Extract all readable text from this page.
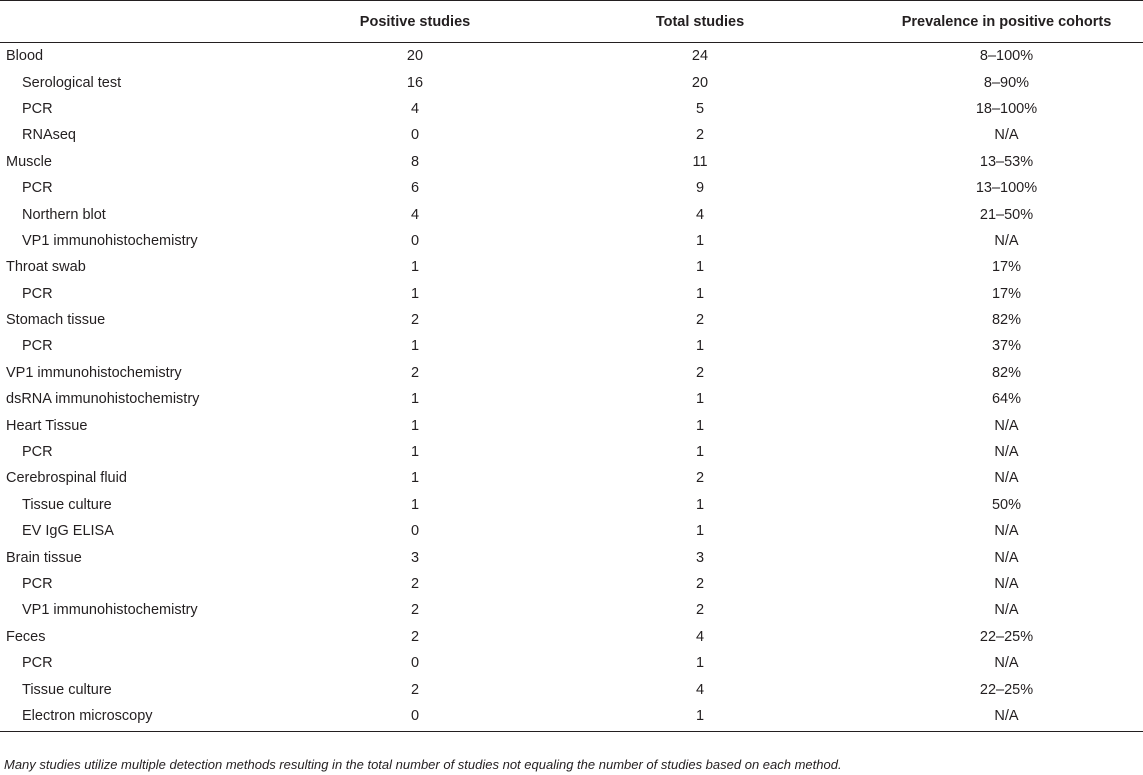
	Positive studies	Total studies	Prevalence in positive cohorts
Blood	20	24	8–100%
Serological test	16	20	8–90%
PCR	4	5	18–100%
RNAseq	0	2	N/A
Muscle	8	11	13–53%
PCR	6	9	13–100%
Northern blot	4	4	21–50%
VP1 immunohistochemistry	0	1	N/A
Throat swab	1	1	17%
PCR	1	1	17%
Stomach tissue	2	2	82%
PCR	1	1	37%
VP1 immunohistochemistry	2	2	82%
dsRNA immunohistochemistry	1	1	64%
Heart Tissue	1	1	N/A
PCR	1	1	N/A
Cerebrospinal fluid	1	2	N/A
Tissue culture	1	1	50%
EV IgG ELISA	0	1	N/A
Brain tissue	3	3	N/A
PCR	2	2	N/A
VP1 immunohistochemistry	2	2	N/A
Feces	2	4	22–25%
PCR	0	1	N/A
Tissue culture	2	4	22–25%
Electron microscopy	0	1	N/A
Many studies utilize multiple detection methods resulting in the total number of studies not equaling the number of studies based on each method.
